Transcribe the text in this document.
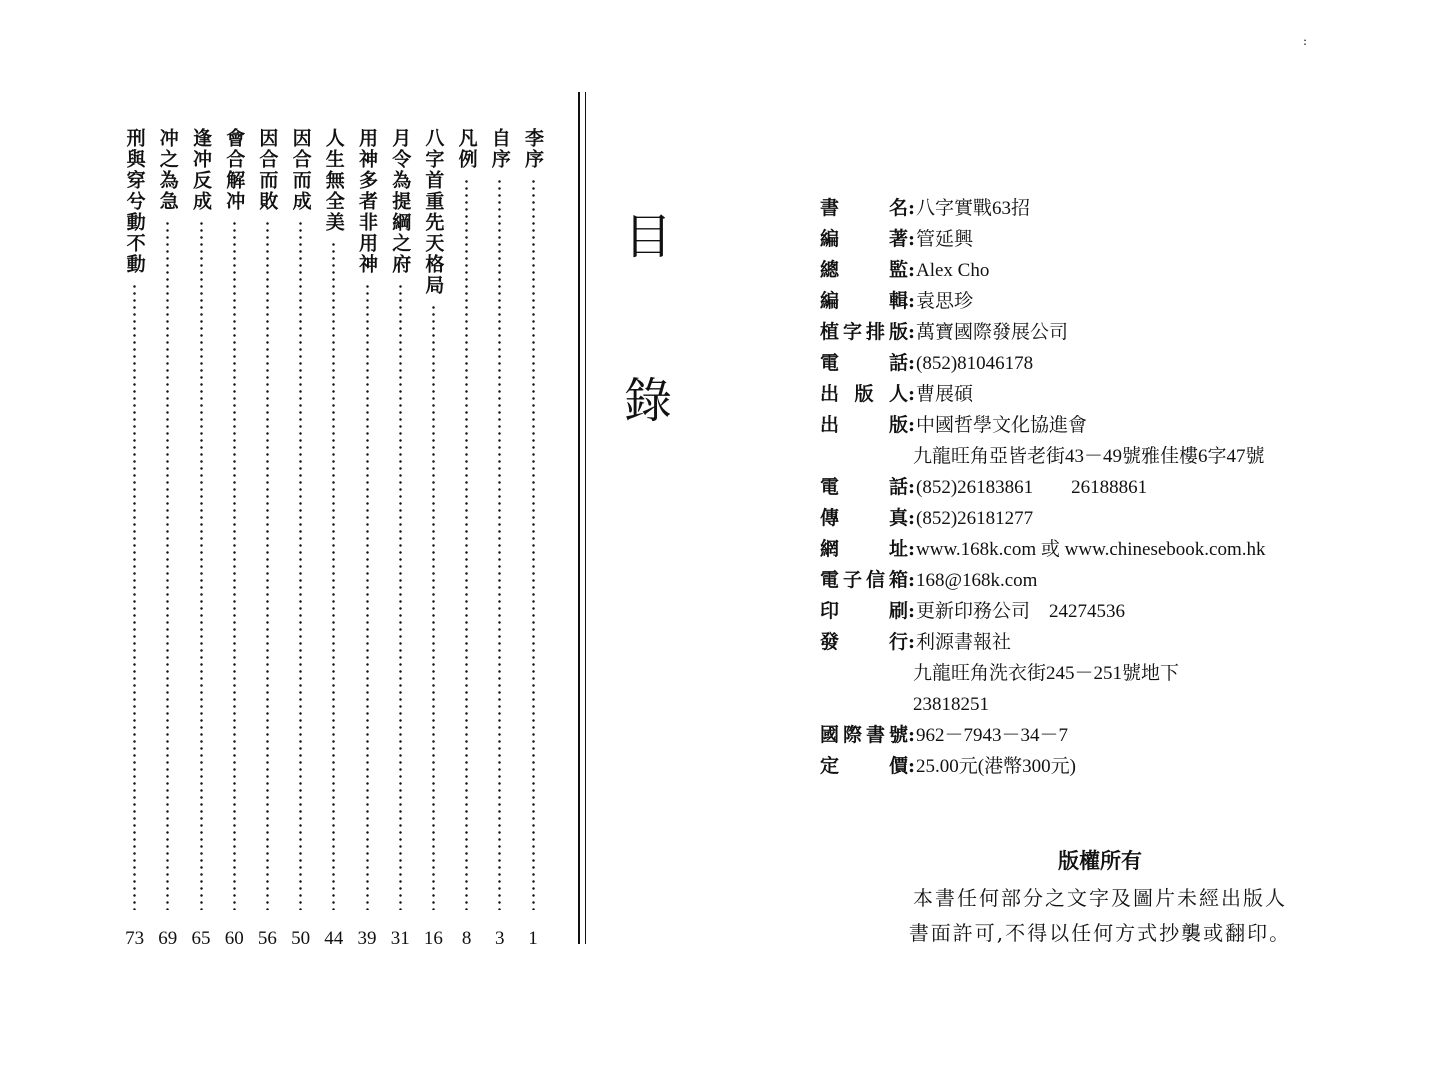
:
李序
1
自序
3
凡例
8
八字首重先天格局
16
月令為提綱之府
31
用神多者非用神
39
人生無全美
44
因合而成
50
因合而敗
56
會合解冲
60
逢冲反成
65
冲之為急
69
刑與穿兮動不動
73
目
錄
書名 : 八字實戰63招
編著 : 管延興
總監 : Alex Cho
編輯 : 袁思珍
植字排版 : 萬寶國際發展公司
電話 : (852)81046178
出版人 : 曹展碩
出版 : 中國哲學文化協進會
九龍旺角亞皆老街43－49號雅佳樓6字47號
電話 : (852)26183861　　26188861
傳真 : (852)26181277
網址 : www.168k.com 或 www.chinesebook.com.hk
電子信箱 : 168@168k.com
印刷 : 更新印務公司　24274536
發行 : 利源書報社
九龍旺角洗衣街245－251號地下
23818251
國際書號 : 962－7943－34－7
定價 : 25.00元(港幣300元)
版權所有
本書任何部分之文字及圖片未經出版人
書面許可,不得以任何方式抄襲或翻印。
